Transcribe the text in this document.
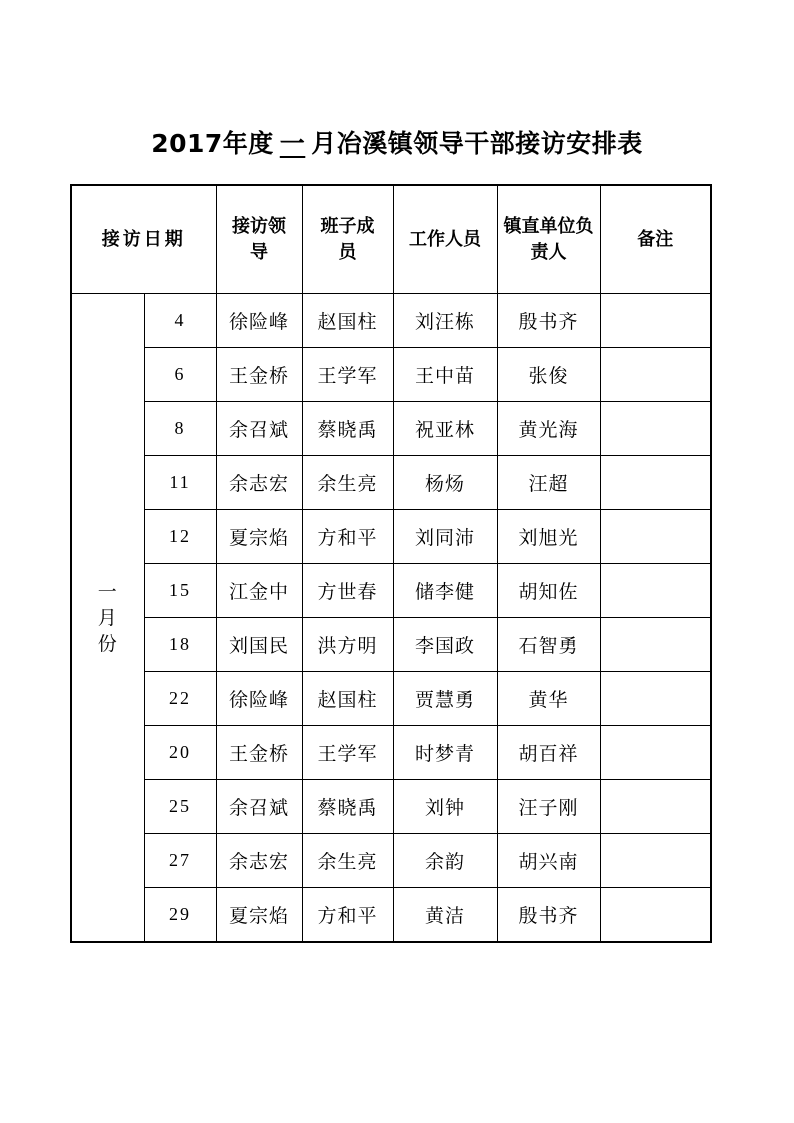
2017年度 一 月冶溪镇领导干部接访安排表
接访日期		接访领导	班子成员	工作人员	镇直单位负责人	备注
一月份	4	徐险峰	赵国柱	刘汪栋	殷书齐	
	6	王金桥	王学军	王中苗	张俊	
	8	余召斌	蔡晓禹	祝亚林	黄光海	
	11	余志宏	余生亮	杨炀	汪超	
	12	夏宗焰	方和平	刘同沛	刘旭光	
	15	江金中	方世春	储李健	胡知佐	
	18	刘国民	洪方明	李国政	石智勇	
	22	徐险峰	赵国柱	贾慧勇	黄华	
	20	王金桥	王学军	时梦青	胡百祥	
	25	余召斌	蔡晓禹	刘钟	汪子刚	
	27	余志宏	余生亮	余韵	胡兴南	
	29	夏宗焰	方和平	黄洁	殷书齐	
